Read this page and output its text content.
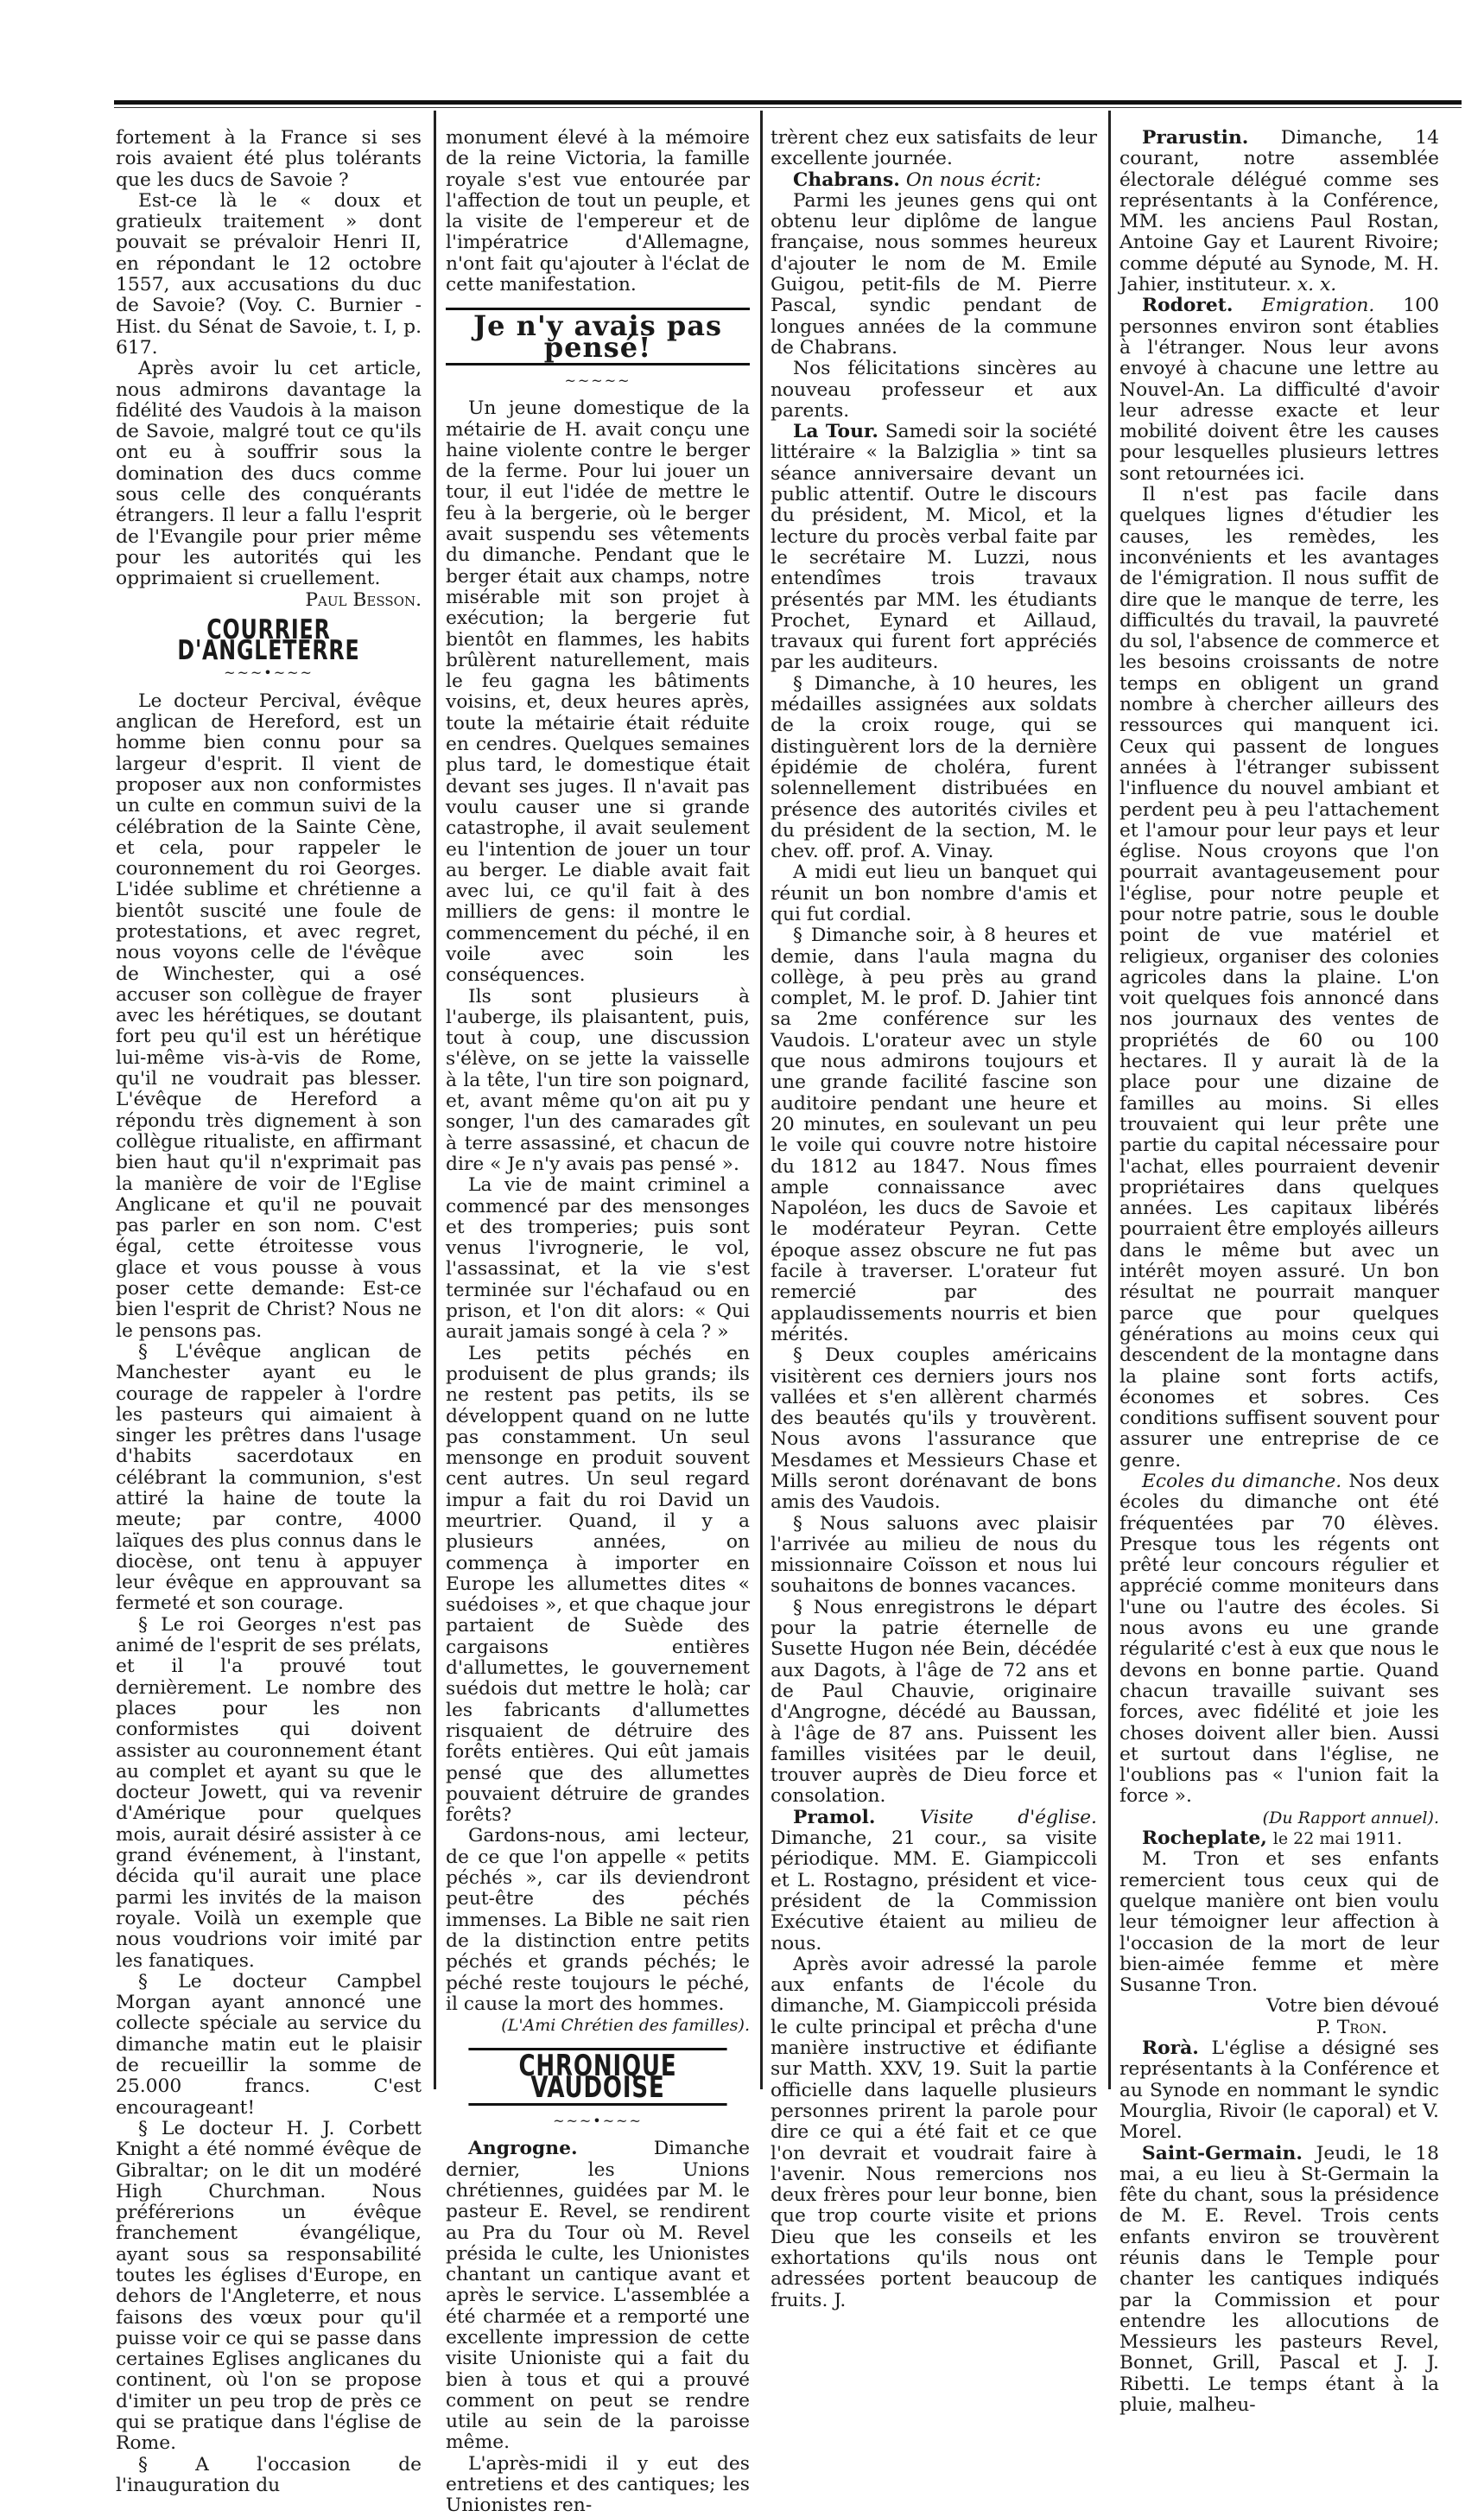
fortement à la France si ses rois avaient été plus tolérants que les ducs de Savoie ?

Est-ce là le « doux et gratieulx traitement » dont pouvait se prévaloir Henri II, en répondant le 12 octobre 1557, aux accusations du duc de Savoie? (Voy. C. Burnier - Hist. du Sénat de Savoie, t. I, p. 617.

Après avoir lu cet article, nous admirons davantage la fidélité des Vaudois à la maison de Savoie, malgré tout ce qu'ils ont eu à souffrir sous la domination des ducs comme sous celle des conquérants étrangers. Il leur a fallu l'esprit de l'Evangile pour prier même pour les autorités qui les opprimaient si cruellement.

Paul Besson.

COURRIER D'ANGLETERRE
~~~•~~~

Le docteur Percival, évêque anglican de Hereford, est un homme bien connu pour sa largeur d'esprit. Il vient de proposer aux non conformistes un culte en commun suivi de la célébration de la Sainte Cène, et cela, pour rappeler le couronnement du roi Georges. L'idée sublime et chrétienne a bientôt suscité une foule de protestations, et avec regret, nous voyons celle de l'évêque de Winchester, qui a osé accuser son collègue de frayer avec les hérétiques, se doutant fort peu qu'il est un hérétique lui-même vis-à-vis de Rome, qu'il ne voudrait pas blesser. L'évêque de Hereford a répondu très dignement à son collègue ritualiste, en affirmant bien haut qu'il n'exprimait pas la manière de voir de l'Eglise Anglicane et qu'il ne pouvait pas parler en son nom. C'est égal, cette étroitesse vous glace et vous pousse à vous poser cette demande: Est-ce bien l'esprit de Christ? Nous ne le pensons pas.

§ L'évêque anglican de Manchester ayant eu le courage de rappeler à l'ordre les pasteurs qui aimaient à singer les prêtres dans l'usage d'habits sacerdotaux en célébrant la communion, s'est attiré la haine de toute la meute; par contre, 4000 laïques des plus connus dans le diocèse, ont tenu à appuyer leur évêque en approuvant sa fermeté et son courage.

§ Le roi Georges n'est pas animé de l'esprit de ses prélats, et il l'a prouvé tout dernièrement. Le nombre des places pour les non conformistes qui doivent assister au couronnement étant au complet et ayant su que le docteur Jowett, qui va revenir d'Amérique pour quelques mois, aurait désiré assister à ce grand événement, à l'instant, décida qu'il aurait une place parmi les invités de la maison royale. Voilà un exemple que nous voudrions voir imité par les fanatiques.

§ Le docteur Campbel Morgan ayant annoncé une collecte spéciale au service du dimanche matin eut le plaisir de recueillir la somme de 25.000 francs. C'est encourageant!

§ Le docteur H. J. Corbett Knight a été nommé évêque de Gibraltar; on le dit un modéré High Churchman. Nous préférerions un évêque franchement évangélique, ayant sous sa responsabilité toutes les églises d'Europe, en dehors de l'Angleterre, et nous faisons des vœux pour qu'il puisse voir ce qui se passe dans certaines Eglises anglicanes du continent, où l'on se propose d'imiter un peu trop de près ce qui se pratique dans l'église de Rome.

§ A l'occasion de l'inauguration du

monument élevé à la mémoire de la reine Victoria, la famille royale s'est vue entourée par l'affection de tout un peuple, et la visite de l'empereur et de l'impératrice d'Allemagne, n'ont fait qu'ajouter à l'éclat de cette manifestation.

Je n'y avais pas pensé!
~~~~~

Un jeune domestique de la métairie de H. avait conçu une haine violente contre le berger de la ferme. Pour lui jouer un tour, il eut l'idée de mettre le feu à la bergerie, où le berger avait suspendu ses vêtements du dimanche. Pendant que le berger était aux champs, notre misérable mit son projet à exécution; la bergerie fut bientôt en flammes, les habits brûlèrent naturellement, mais le feu gagna les bâtiments voisins, et, deux heures après, toute la métairie était réduite en cendres. Quelques semaines plus tard, le domestique était devant ses juges. Il n'avait pas voulu causer une si grande catastrophe, il avait seulement eu l'intention de jouer un tour au berger. Le diable avait fait avec lui, ce qu'il fait à des milliers de gens: il montre le commencement du péché, il en voile avec soin les conséquences.

Ils sont plusieurs à l'auberge, ils plaisantent, puis, tout à coup, une discussion s'élève, on se jette la vaisselle à la tête, l'un tire son poignard, et, avant même qu'on ait pu y songer, l'un des camarades gît à terre assassiné, et chacun de dire « Je n'y avais pas pensé ».

La vie de maint criminel a commencé par des mensonges et des tromperies; puis sont venus l'ivrognerie, le vol, l'assassinat, et la vie s'est terminée sur l'échafaud ou en prison, et l'on dit alors: « Qui aurait jamais songé à cela ? »

Les petits péchés en produisent de plus grands; ils ne restent pas petits, ils se développent quand on ne lutte pas constamment. Un seul mensonge en produit souvent cent autres. Un seul regard impur a fait du roi David un meurtrier. Quand, il y a plusieurs années, on commença à importer en Europe les allumettes dites « suédoises », et que chaque jour partaient de Suède des cargaisons entières d'allumettes, le gouvernement suédois dut mettre le holà; car les fabricants d'allumettes risquaient de détruire des forêts entières. Qui eût jamais pensé que des allumettes pouvaient détruire de grandes forêts?

Gardons-nous, ami lecteur, de ce que l'on appelle « petits péchés », car ils deviendront peut-être des péchés immenses. La Bible ne sait rien de la distinction entre petits péchés et grands péchés; le péché reste toujours le péché, il cause la mort des hommes.

(L'Ami Chrétien des familles).

CHRONIQUE VAUDOISE
~~~•~~~

Angrogne.	Dimanche dernier, les Unions chrétiennes, guidées par M. le pasteur E. Revel, se rendirent au Pra du Tour où M. Revel présida le culte, les Unionistes chantant un cantique avant et après le service. L'assemblée a été charmée et a remporté une excellente impression de cette visite Unioniste qui a fait du bien à tous et qui a prouvé comment on peut se rendre utile au sein de la paroisse même.

L'après-midi il y eut des entretiens et des cantiques; les Unionistes ren-

trèrent chez eux satisfaits de leur excellente journée.

Chabrans. On nous écrit:

Parmi les jeunes gens qui ont obtenu leur diplôme de langue française, nous sommes heureux d'ajouter le nom de M. Emile Guigou, petit-fils de M. Pierre Pascal, syndic pendant de longues années de la commune de Chabrans.

Nos félicitations sincères au nouveau professeur et aux parents.

La Tour. Samedi soir la société littéraire « la Balziglia » tint sa séance anniversaire devant un public attentif. Outre le discours du président, M. Micol, et la lecture du procès verbal faite par le secrétaire M. Luzzi, nous entendîmes trois travaux présentés par MM. les étudiants Prochet, Eynard et Aillaud, travaux qui furent fort appréciés par les auditeurs.

§ Dimanche, à 10 heures, les médailles assignées aux soldats de la croix rouge, qui se distinguèrent lors de la dernière épidémie de choléra, furent solennellement distribuées en présence des autorités civiles et du président de la section, M. le chev. off. prof. A. Vinay.

A midi eut lieu un banquet qui réunit un bon nombre d'amis et qui fut cordial.

§ Dimanche soir, à 8 heures et demie, dans l'aula magna du collège, à peu près au grand complet, M. le prof. D. Jahier tint sa 2me conférence sur les Vaudois. L'orateur avec un style que nous admirons toujours et une grande facilité fascine son auditoire pendant une heure et 20 minutes, en soulevant un peu le voile qui couvre notre histoire du 1812 au 1847. Nous fîmes ample connaissance avec Napoléon, les ducs de Savoie et le modérateur Peyran. Cette époque assez obscure ne fut pas facile à traverser. L'orateur fut remercié par des applaudissements nourris et bien mérités.

§ Deux couples américains visitèrent ces derniers jours nos vallées et s'en allèrent charmés des beautés qu'ils y trouvèrent. Nous avons l'assurance que Mesdames et Messieurs Chase et Mills seront dorénavant de bons amis des Vaudois.

§ Nous saluons avec plaisir l'arrivée au milieu de nous du missionnaire Coïsson et nous lui souhaitons de bonnes vacances.

§ Nous enregistrons le départ pour la patrie éternelle de Susette Hugon née Bein, décédée aux Dagots, à l'âge de 72 ans et de Paul Chauvie, originaire d'Angrogne, décédé au Baussan, à l'âge de 87 ans. Puissent les familles visitées par le deuil, trouver auprès de Dieu force et consolation.

Pramol. Visite d'église. Dimanche, 21 cour., sa visite périodique. MM. E. Giampiccoli et L. Rostagno, président et vice-président de la Commission Exécutive étaient au milieu de nous.

Après avoir adressé la parole aux enfants de l'école du dimanche, M. Giampiccoli présida le culte principal et prêcha d'une manière instructive et édifiante sur Matth. XXV, 19. Suit la partie officielle dans laquelle plusieurs personnes prirent la parole pour dire ce qui a été fait et ce que l'on devrait et voudrait faire à l'avenir. Nous remercions nos deux frères pour leur bonne, bien que trop courte visite et prions Dieu que les conseils et les exhortations qu'ils nous ont adressées portent beaucoup de fruits. J.

Prarustin. Dimanche, 14 courant, notre assemblée électorale délégué comme ses représentants à la Conférence, MM. les anciens Paul Rostan, Antoine Gay et Laurent Rivoire; comme député au Synode, M. H. Jahier, instituteur. x. x.

Rodoret. Emigration. 100 personnes environ sont établies à l'étranger. Nous leur avons envoyé à chacune une lettre au Nouvel-An. La difficulté d'avoir leur adresse exacte et leur mobilité doivent être les causes pour lesquelles plusieurs lettres sont retournées ici.

Il n'est pas facile dans quelques lignes d'étudier les causes, les remèdes, les inconvénients et les avantages de l'émigration. Il nous suffit de dire que le manque de terre, les difficultés du travail, la pauvreté du sol, l'absence de commerce et les besoins croissants de notre temps en obligent un grand nombre à chercher ailleurs des ressources qui manquent ici. Ceux qui passent de longues années à l'étranger subissent l'influence du nouvel ambiant et perdent peu à peu l'attachement et l'amour pour leur pays et leur église. Nous croyons que l'on pourrait avantageusement pour l'église, pour notre peuple et pour notre patrie, sous le double point de vue matériel et religieux, organiser des colonies agricoles dans la plaine. L'on voit quelques fois annoncé dans nos journaux des ventes de propriétés de 60 ou 100 hectares. Il y aurait là de la place pour une dizaine de familles au moins. Si elles trouvaient qui leur prête une partie du capital nécessaire pour l'achat, elles pourraient devenir propriétaires dans quelques années. Les capitaux libérés pourraient être employés ailleurs dans le même but avec un intérêt moyen assuré. Un bon résultat ne pourrait manquer parce que pour quelques générations au moins ceux qui descendent de la montagne dans la plaine sont forts actifs, économes et sobres. Ces conditions suffisent souvent pour assurer une entreprise de ce genre.

Ecoles du dimanche. Nos deux écoles du dimanche ont été fréquentées par 70 élèves. Presque tous les régents ont prêté leur concours régulier et apprécié comme moniteurs dans l'une ou l'autre des écoles. Si nous avons eu une grande régularité c'est à eux que nous le devons en bonne partie. Quand chacun travaille suivant ses forces, avec fidélité et joie les choses doivent aller bien. Aussi et surtout dans l'église, ne l'oublions pas « l'union fait la force ».

(Du Rapport annuel).

Rocheplate, le 22 mai 1911.

M. Tron et ses enfants remercient tous ceux qui de quelque manière ont bien voulu leur témoigner leur affection à l'occasion de la mort de leur bien-aimée femme et mère Susanne Tron.

Votre bien dévoué

P. Tron.

Rorà. L'église a désigné ses représentants à la Conférence et au Synode en nommant le syndic Mourglia, Rivoir (le caporal) et V. Morel.

Saint-Germain. Jeudi, le 18 mai, a eu lieu à St-Germain la fête du chant, sous la présidence de M. E. Revel. Trois cents enfants environ se trouvèrent réunis dans le Temple pour chanter les cantiques indiqués par la Commission et pour entendre les allocutions de Messieurs les pasteurs Revel, Bonnet, Grill, Pascal et J. J. Ribetti. Le temps étant à la pluie, malheu-
